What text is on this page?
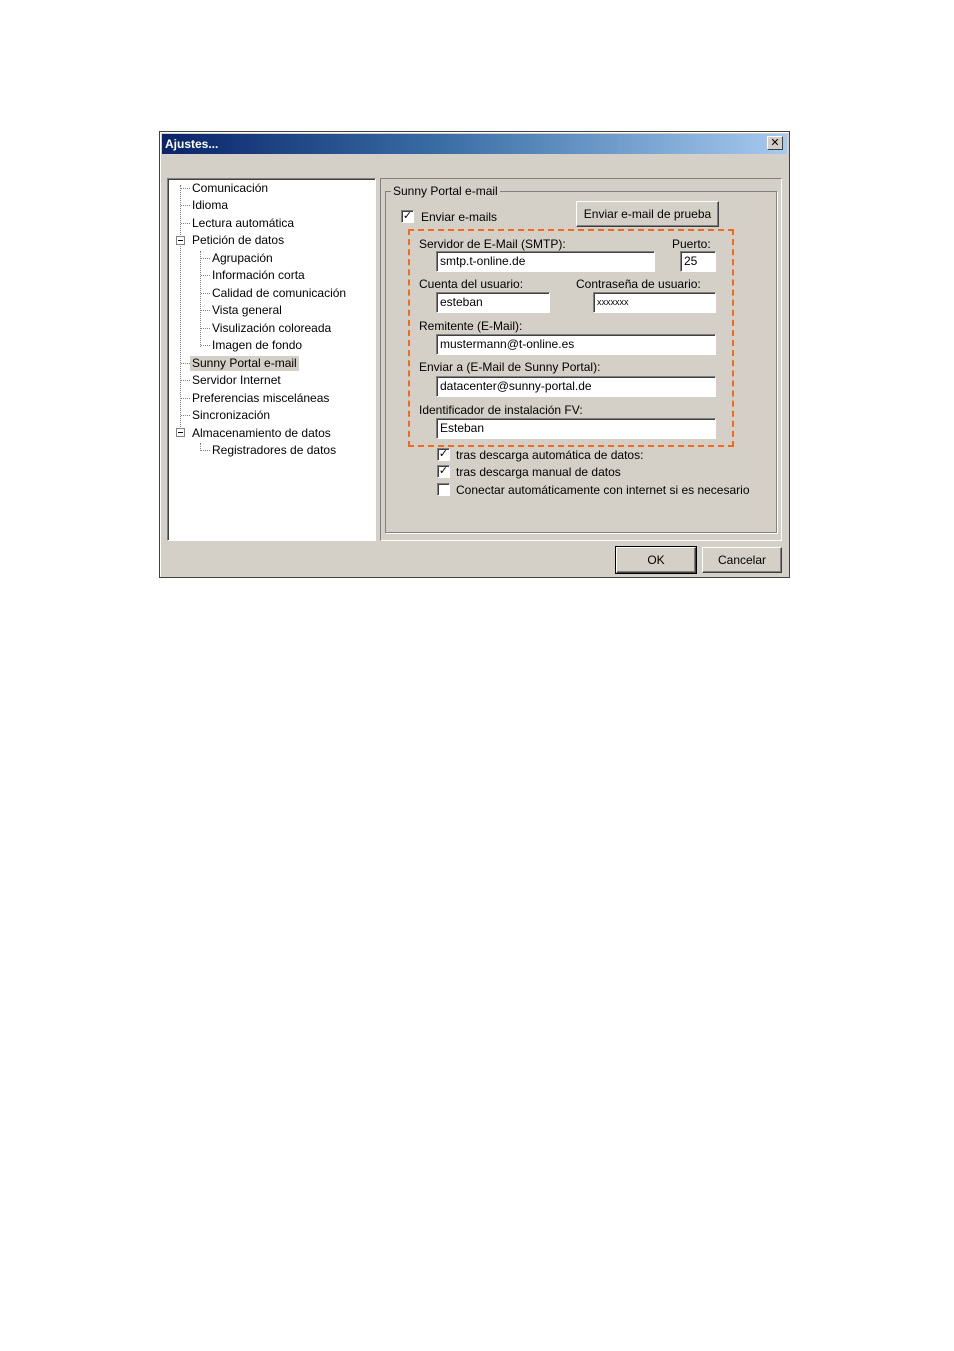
Ajustes...	✕
Comunicación
Idioma
Lectura automática
Petición de datos
Agrupación
Información corta
Calidad de comunicación
Vista general
Visulización coloreada
Imagen de fondo
Sunny Portal e-mail
Servidor Internet
Preferencias misceláneas
Sincronización
Almacenamiento de datos
Registradores de datos
OK	Cancelar
Sunny Portal e-mail
✓ Enviar e-mails	Enviar e-mail de prueba
Servidor de E-Mail (SMTP):	Puerto:
smtp.t-online.de	25
Cuenta del usuario:	Contraseña de usuario:
esteban	xxxxxxx
Remitente (E-Mail):
mustermann@t-online.es
Enviar a (E-Mail de Sunny Portal):
datacenter@sunny-portal.de
Identificador de instalación FV:
Esteban
✓ tras descarga automática de datos:
✓ tras descarga manual de datos
Conectar automáticamente con internet si es necesario
